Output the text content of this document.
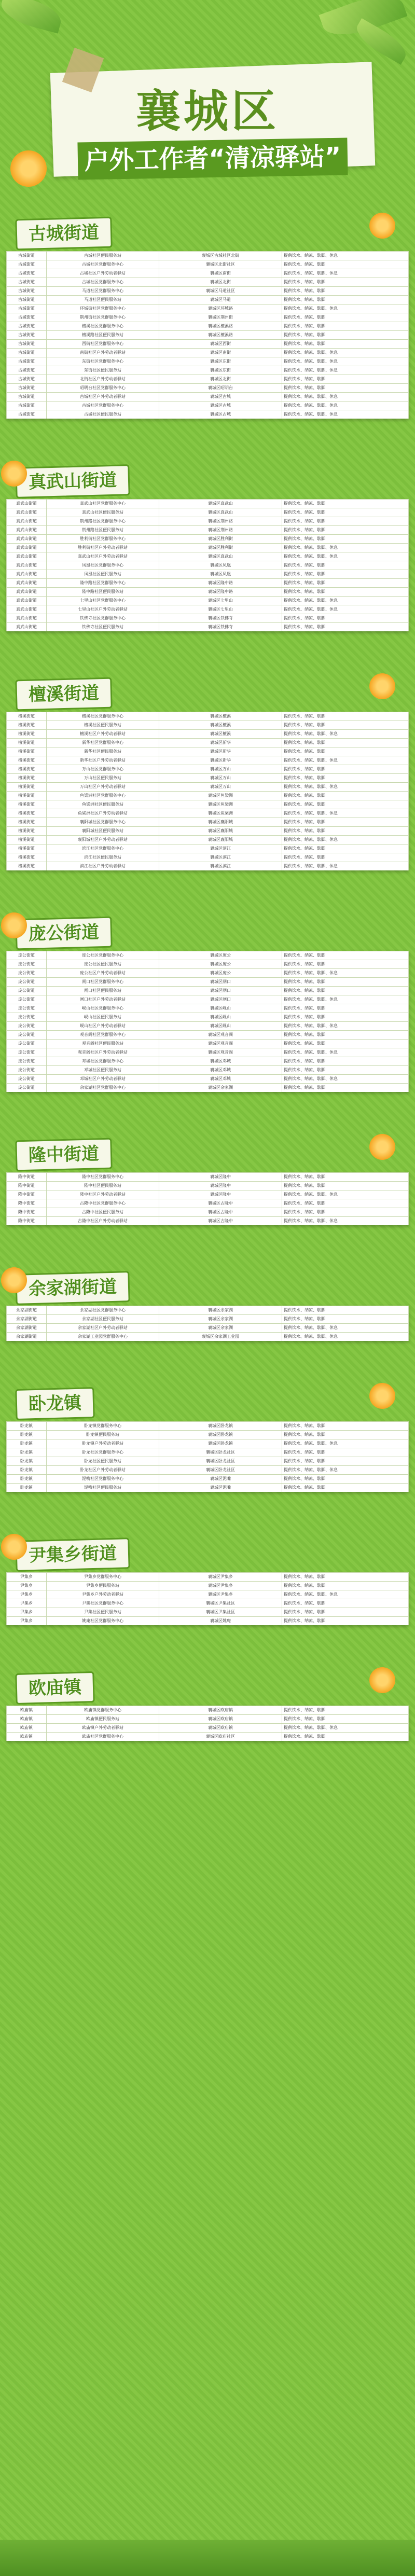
襄城区
户外工作者“清凉驿站”
古城街道
古城街道	古城社区便民服务站	襄城区古城社区北街	提供饮水、纳凉、歇脚、休息
古城街道	古城社区党群服务中心	襄城区北街社区	提供饮水、纳凉、歇脚
古城街道	古城社区户外劳动者驿站	襄城区南街	提供饮水、纳凉、歇脚、休息
古城街道	古城社区党群服务中心	襄城区北街	提供饮水、纳凉、歇脚
古城街道	马道社区党群服务中心	襄城区马道社区	提供饮水、纳凉、歇脚
古城街道	马道社区便民服务站	襄城区马道	提供饮水、纳凉、歇脚
古城街道	环城街社区党群服务中心	襄城区环城路	提供饮水、纳凉、歇脚、休息
古城街道	荆州街社区党群服务中心	襄城区荆州街	提供饮水、纳凉、歇脚
古城街道	檀溪社区党群服务中心	襄城区檀溪路	提供饮水、纳凉、歇脚
古城街道	檀溪路社区便民服务站	襄城区檀溪路	提供饮水、纳凉、歇脚
古城街道	西街社区党群服务中心	襄城区西街	提供饮水、纳凉、歇脚
古城街道	南街社区户外劳动者驿站	襄城区南街	提供饮水、纳凉、歇脚、休息
古城街道	东街社区党群服务中心	襄城区东街	提供饮水、纳凉、歇脚、休息
古城街道	东街社区便民服务站	襄城区东街	提供饮水、纳凉、歇脚、休息
古城街道	北街社区户外劳动者驿站	襄城区北街	提供饮水、纳凉、歇脚
古城街道	昭明台社区党群服务中心	襄城区昭明台	提供饮水、纳凉、歇脚
古城街道	古城社区户外劳动者驿站	襄城区古城	提供饮水、纳凉、歇脚、休息
古城街道	古城社区党群服务中心	襄城区古城	提供饮水、纳凉、歇脚、休息
古城街道	古城社区便民服务站	襄城区古城	提供饮水、纳凉、歇脚、休息
真武山街道
真武山街道	真武山社区党群服务中心	襄城区真武山	提供饮水、纳凉、歇脚
真武山街道	真武山社区便民服务站	襄城区真武山	提供饮水、纳凉、歇脚
真武山街道	荆州路社区党群服务中心	襄城区荆州路	提供饮水、纳凉、歇脚
真武山街道	荆州路社区便民服务站	襄城区荆州路	提供饮水、纳凉、歇脚
真武山街道	胜利街社区党群服务中心	襄城区胜利街	提供饮水、纳凉、歇脚
真武山街道	胜利街社区户外劳动者驿站	襄城区胜利街	提供饮水、纳凉、歇脚、休息
真武山街道	真武山社区户外劳动者驿站	襄城区真武山	提供饮水、纳凉、歇脚、休息
真武山街道	凤凰社区党群服务中心	襄城区凤凰	提供饮水、纳凉、歇脚
真武山街道	凤凰社区便民服务站	襄城区凤凰	提供饮水、纳凉、歇脚
真武山街道	隆中路社区党群服务中心	襄城区隆中路	提供饮水、纳凉、歇脚
真武山街道	隆中路社区便民服务站	襄城区隆中路	提供饮水、纳凉、歇脚
真武山街道	七里山社区党群服务中心	襄城区七里山	提供饮水、纳凉、歇脚、休息
真武山街道	七里山社区户外劳动者驿站	襄城区七里山	提供饮水、纳凉、歇脚、休息
真武山街道	铁佛寺社区党群服务中心	襄城区铁佛寺	提供饮水、纳凉、歇脚
真武山街道	铁佛寺社区便民服务站	襄城区铁佛寺	提供饮水、纳凉、歇脚
檀溪街道
檀溪街道	檀溪社区党群服务中心	襄城区檀溪	提供饮水、纳凉、歇脚
檀溪街道	檀溪社区便民服务站	襄城区檀溪	提供饮水、纳凉、歇脚
檀溪街道	檀溪社区户外劳动者驿站	襄城区檀溪	提供饮水、纳凉、歇脚、休息
檀溪街道	新华社区党群服务中心	襄城区新华	提供饮水、纳凉、歇脚
檀溪街道	新华社区便民服务站	襄城区新华	提供饮水、纳凉、歇脚
檀溪街道	新华社区户外劳动者驿站	襄城区新华	提供饮水、纳凉、歇脚、休息
檀溪街道	万山社区党群服务中心	襄城区万山	提供饮水、纳凉、歇脚
檀溪街道	万山社区便民服务站	襄城区万山	提供饮水、纳凉、歇脚
檀溪街道	万山社区户外劳动者驿站	襄城区万山	提供饮水、纳凉、歇脚、休息
檀溪街道	鱼梁洲社区党群服务中心	襄城区鱼梁洲	提供饮水、纳凉、歇脚
檀溪街道	鱼梁洲社区便民服务站	襄城区鱼梁洲	提供饮水、纳凉、歇脚
檀溪街道	鱼梁洲社区户外劳动者驿站	襄城区鱼梁洲	提供饮水、纳凉、歇脚、休息
檀溪街道	襄阳城社区党群服务中心	襄城区襄阳城	提供饮水、纳凉、歇脚
檀溪街道	襄阳城社区便民服务站	襄城区襄阳城	提供饮水、纳凉、歇脚
檀溪街道	襄阳城社区户外劳动者驿站	襄城区襄阳城	提供饮水、纳凉、歇脚、休息
檀溪街道	滨江社区党群服务中心	襄城区滨江	提供饮水、纳凉、歇脚
檀溪街道	滨江社区便民服务站	襄城区滨江	提供饮水、纳凉、歇脚
檀溪街道	滨江社区户外劳动者驿站	襄城区滨江	提供饮水、纳凉、歇脚、休息
庞公街道
庞公街道	庞公社区党群服务中心	襄城区庞公	提供饮水、纳凉、歇脚
庞公街道	庞公社区便民服务站	襄城区庞公	提供饮水、纳凉、歇脚
庞公街道	庞公社区户外劳动者驿站	襄城区庞公	提供饮水、纳凉、歇脚、休息
庞公街道	闸口社区党群服务中心	襄城区闸口	提供饮水、纳凉、歇脚
庞公街道	闸口社区便民服务站	襄城区闸口	提供饮水、纳凉、歇脚
庞公街道	闸口社区户外劳动者驿站	襄城区闸口	提供饮水、纳凉、歇脚、休息
庞公街道	岘山社区党群服务中心	襄城区岘山	提供饮水、纳凉、歇脚
庞公街道	岘山社区便民服务站	襄城区岘山	提供饮水、纳凉、歇脚
庞公街道	岘山社区户外劳动者驿站	襄城区岘山	提供饮水、纳凉、歇脚、休息
庞公街道	观音阁社区党群服务中心	襄城区观音阁	提供饮水、纳凉、歇脚
庞公街道	观音阁社区便民服务站	襄城区观音阁	提供饮水、纳凉、歇脚
庞公街道	观音阁社区户外劳动者驿站	襄城区观音阁	提供饮水、纳凉、歇脚、休息
庞公街道	邓城社区党群服务中心	襄城区邓城	提供饮水、纳凉、歇脚
庞公街道	邓城社区便民服务站	襄城区邓城	提供饮水、纳凉、歇脚
庞公街道	邓城社区户外劳动者驿站	襄城区邓城	提供饮水、纳凉、歇脚、休息
庞公街道	余家湖社区党群服务中心	襄城区余家湖	提供饮水、纳凉、歇脚
隆中街道
隆中街道	隆中社区党群服务中心	襄城区隆中	提供饮水、纳凉、歇脚
隆中街道	隆中社区便民服务站	襄城区隆中	提供饮水、纳凉、歇脚
隆中街道	隆中社区户外劳动者驿站	襄城区隆中	提供饮水、纳凉、歇脚、休息
隆中街道	古隆中社区党群服务中心	襄城区古隆中	提供饮水、纳凉、歇脚
隆中街道	古隆中社区便民服务站	襄城区古隆中	提供饮水、纳凉、歇脚
隆中街道	古隆中社区户外劳动者驿站	襄城区古隆中	提供饮水、纳凉、歇脚、休息
余家湖街道
余家湖街道	余家湖社区党群服务中心	襄城区余家湖	提供饮水、纳凉、歇脚
余家湖街道	余家湖社区便民服务站	襄城区余家湖	提供饮水、纳凉、歇脚
余家湖街道	余家湖社区户外劳动者驿站	襄城区余家湖	提供饮水、纳凉、歇脚、休息
余家湖街道	余家湖工业园党群服务中心	襄城区余家湖工业园	提供饮水、纳凉、歇脚、休息
卧龙镇
卧龙镇	卧龙镇党群服务中心	襄城区卧龙镇	提供饮水、纳凉、歇脚
卧龙镇	卧龙镇便民服务站	襄城区卧龙镇	提供饮水、纳凉、歇脚
卧龙镇	卧龙镇户外劳动者驿站	襄城区卧龙镇	提供饮水、纳凉、歇脚、休息
卧龙镇	卧龙社区党群服务中心	襄城区卧龙社区	提供饮水、纳凉、歇脚
卧龙镇	卧龙社区便民服务站	襄城区卧龙社区	提供饮水、纳凉、歇脚
卧龙镇	卧龙社区户外劳动者驿站	襄城区卧龙社区	提供饮水、纳凉、歇脚、休息
卧龙镇	泥嘴社区党群服务中心	襄城区泥嘴	提供饮水、纳凉、歇脚
卧龙镇	泥嘴社区便民服务站	襄城区泥嘴	提供饮水、纳凉、歇脚
尹集乡街道
尹集乡	尹集乡党群服务中心	襄城区尹集乡	提供饮水、纳凉、歇脚
尹集乡	尹集乡便民服务站	襄城区尹集乡	提供饮水、纳凉、歇脚
尹集乡	尹集乡户外劳动者驿站	襄城区尹集乡	提供饮水、纳凉、歇脚、休息
尹集乡	尹集社区党群服务中心	襄城区尹集社区	提供饮水、纳凉、歇脚
尹集乡	尹集社区便民服务站	襄城区尹集社区	提供饮水、纳凉、歇脚
尹集乡	姚庵社区党群服务中心	襄城区姚庵	提供饮水、纳凉、歇脚
欧庙镇
欧庙镇	欧庙镇党群服务中心	襄城区欧庙镇	提供饮水、纳凉、歇脚
欧庙镇	欧庙镇便民服务站	襄城区欧庙镇	提供饮水、纳凉、歇脚
欧庙镇	欧庙镇户外劳动者驿站	襄城区欧庙镇	提供饮水、纳凉、歇脚、休息
欧庙镇	欧庙社区党群服务中心	襄城区欧庙社区	提供饮水、纳凉、歇脚
